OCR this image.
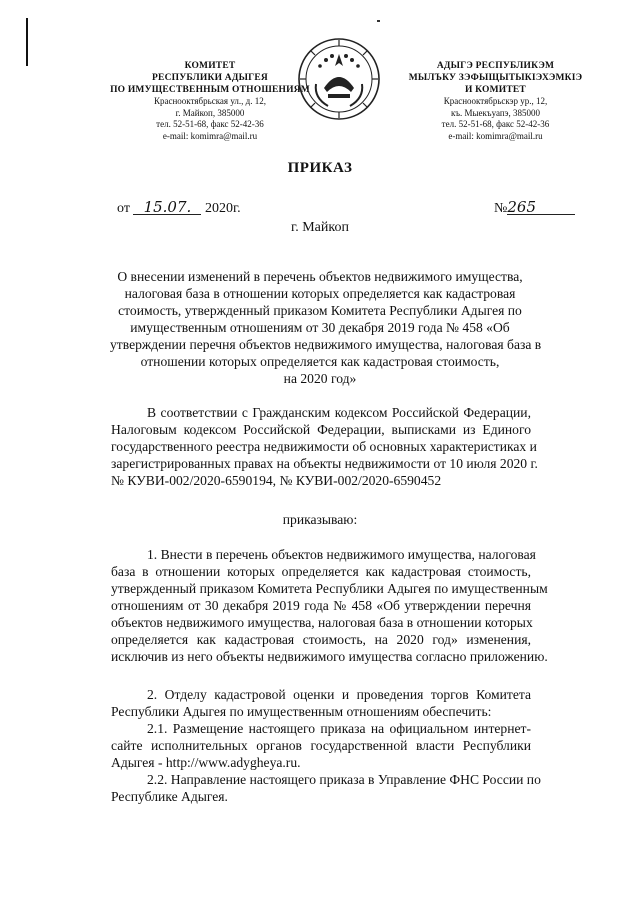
КОМИТЕТ
РЕСПУБЛИКИ АДЫГЕЯ
ПО ИМУЩЕСТВЕННЫМ ОТНОШЕНИЯМ
Краснооктябрьская ул., д. 12,
г. Майкоп, 385000
тел. 52-51-68, факс 52-42-36
e-mail: komimra@mail.ru
АДЫГЭ РЕСПУБЛИКЭМ
МЫЛЪКУ ЗЭФЫЩЫТЫКІЭХЭМКІЭ
И КОМИТЕТ
Краснооктябрьскэр ур., 12,
къ. Мыекъуапэ, 385000
тел. 52-51-68, факс 52-42-36
e-mail: komimra@mail.ru
ПРИКАЗ
от 15.07. 2020г.	№265
г. Майкоп
О внесении изменений в перечень объектов недвижимого имущества,
налоговая база в отношении которых определяется как кадастровая
стоимость, утвержденный приказом Комитета Республики Адыгея по
имущественным отношениям от 30 декабря 2019 года № 458 «Об
утверждении перечня объектов недвижимого имущества, налоговая база в
отношении которых определяется как кадастровая стоимость,
на 2020 год»
В соответствии с Гражданским кодексом Российской Федерации,
Налоговым кодексом Российской Федерации, выписками из Единого
государственного реестра недвижимости об основных характеристиках и
зарегистрированных правах на объекты недвижимости от 10 июля 2020 г.
№ КУВИ-002/2020-6590194, № КУВИ-002/2020-6590452
приказываю:
1. Внести в перечень объектов недвижимого имущества, налоговая
база в отношении которых определяется как кадастровая стоимость,
утвержденный приказом Комитета Республики Адыгея по имущественным
отношениям от 30 декабря 2019 года № 458 «Об утверждении перечня
объектов недвижимого имущества, налоговая база в отношении которых
определяется как кадастровая стоимость, на 2020 год» изменения,
исключив из него объекты недвижимого имущества согласно приложению.
2. Отделу кадастровой оценки и проведения торгов Комитета
Республики Адыгея по имущественным отношениям обеспечить:
2.1. Размещение настоящего приказа на официальном интернет-
сайте исполнительных органов государственной власти Республики
Адыгея - http://www.adygheya.ru.
2.2. Направление настоящего приказа в Управление ФНС России по
Республике Адыгея.
